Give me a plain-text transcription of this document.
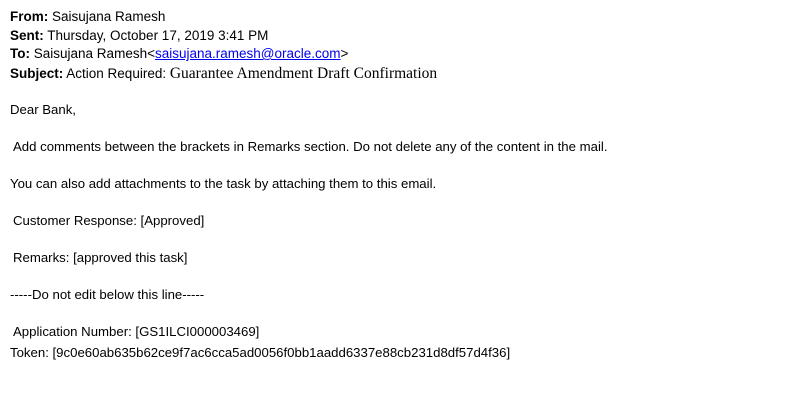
From: Saisujana Ramesh
Sent: Thursday, October 17, 2019 3:41 PM
To: Saisujana Ramesh<saisujana.ramesh@oracle.com>
Subject: Action Required: Guarantee Amendment Draft Confirmation
Dear Bank,
Add comments between the brackets in Remarks section. Do not delete any of the content in the mail.
You can also add attachments to the task by attaching them to this email.
Customer Response: [Approved]
Remarks: [approved this task]
-----Do not edit below this line-----
Application Number: [GS1ILCI000003469]
Token: [9c0e60ab635b62ce9f7ac6cca5ad0056f0bb1aadd6337e88cb231d8df57d4f36]
